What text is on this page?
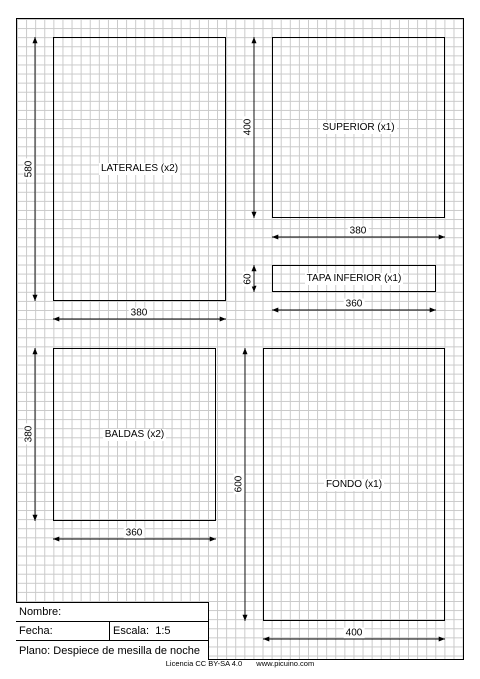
LATERALES (x2)
SUPERIOR (x1)
TAPA INFERIOR (x1)
BALDAS (x2)
FONDO (x1)
580
380
400
380
60
360
380
360
600
400
Nombre:
Fecha:	Escala: 1:5
Plano: Despiece de mesilla de noche
Licencia CC BY-SA 4.0 www.picuino.com
